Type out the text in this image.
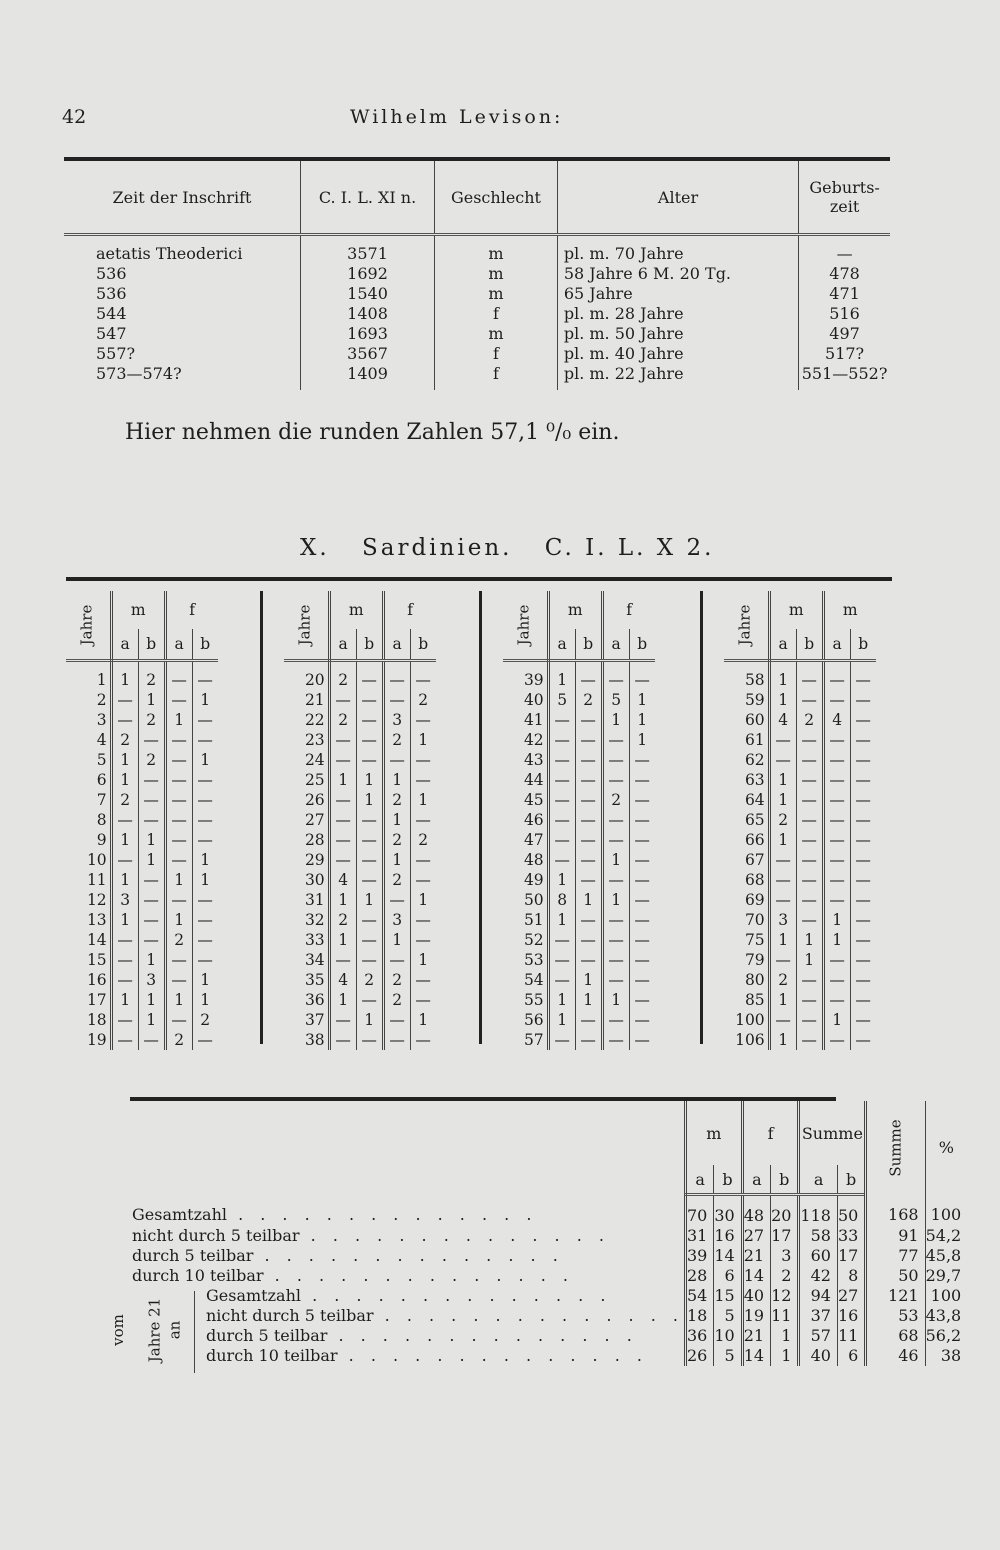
42	Wilhelm Levison:
Zeit der Inschrift	C. I. L. XI n.	Geschlecht	Alter	Geburts-
zeit
aetatis Theoderici	3571	m	pl. m. 70 Jahre	—
536	1692	m	58 Jahre 6 M. 20 Tg.	478
536	1540	m	65 Jahre	471
544	1408	f	pl. m. 28 Jahre	516
547	1693	m	pl. m. 50 Jahre	497
557?	3567	f	pl. m. 40 Jahre	517?
573—574?	1409	f	pl. m. 22 Jahre	551—552?
Hier nehmen die runden Zahlen 57,1 ⁰/₀ ein.
X. Sardinien. C. I. L. X 2.
Jahre	m		f	
	a	b	a	b
1	1	2	—	—
2	—	1	—	1
3	—	2	1	—
4	2	—	—	—
5	1	2	—	1
6	1	—	—	—
7	2	—	—	—
8	—	—	—	—
9	1	1	—	—
10	—	1	—	1
11	1	—	1	1
12	3	—	—	—
13	1	—	1	—
14	—	—	2	—
15	—	1	—	—
16	—	3	—	1
17	1	1	1	1
18	—	1	—	2
19	—	—	2	—
Jahre	m		f	
	a	b	a	b
20	2	—	—	—
21	—	—	—	2
22	2	—	3	—
23	—	—	2	1
24	—	—	—	—
25	1	1	1	—
26	—	1	2	1
27	—	—	1	—
28	—	—	2	2
29	—	—	1	—
30	4	—	2	—
31	1	1	—	1
32	2	—	3	—
33	1	—	1	—
34	—	—	—	1
35	4	2	2	—
36	1	—	2	—
37	—	1	—	1
38	—	—	—	—
Jahre	m		f	
	a	b	a	b
39	1	—	—	—
40	5	2	5	1
41	—	—	1	1
42	—	—	—	1
43	—	—	—	—
44	—	—	—	—
45	—	—	2	—
46	—	—	—	—
47	—	—	—	—
48	—	—	1	—
49	1	—	—	—
50	8	1	1	—
51	1	—	—	—
52	—	—	—	—
53	—	—	—	—
54	—	1	—	—
55	1	1	1	—
56	1	—	—	—
57	—	—	—	—
Jahre	m		m	
	a	b	a	b
58	1	—	—	—
59	1	—	—	—
60	4	2	4	—
61	—	—	—	—
62	—	—	—	—
63	1	—	—	—
64	1	—	—	—
65	2	—	—	—
66	1	—	—	—
67	—	—	—	—
68	—	—	—	—
69	—	—	—	—
70	3	—	1	—
75	1	1	1	—
79	—	1	—	—
80	2	—	—	—
85	1	—	—	—
100	—	—	1	—
106	1	—	—	—
	m		f		Summe		Summe	%
	a	b	a	b	a	b		
Gesamtzahl . . . . . . . . . . . . . .	70	30	48	20	118	50	168	100
nicht durch 5 teilbar . . . . . . . . . . . . . .	31	16	27	17	58	33	91	54,2
durch 5 teilbar . . . . . . . . . . . . . .	39	14	21	3	60	17	77	45,8
durch 10 teilbar . . . . . . . . . . . . . .	28	6	14	2	42	8	50	29,7
Gesamtzahl . . . . . . . . . . . . . .	54	15	40	12	94	27	121	100
nicht durch 5 teilbar . . . . . . . . . . . . . .	18	5	19	11	37	16	53	43,8
durch 5 teilbar . . . . . . . . . . . . . .	36	10	21	1	57	11	68	56,2
durch 10 teilbar . . . . . . . . . . . . . .	26	5	14	1	40	6	46	38
vom Jahre 21 an
